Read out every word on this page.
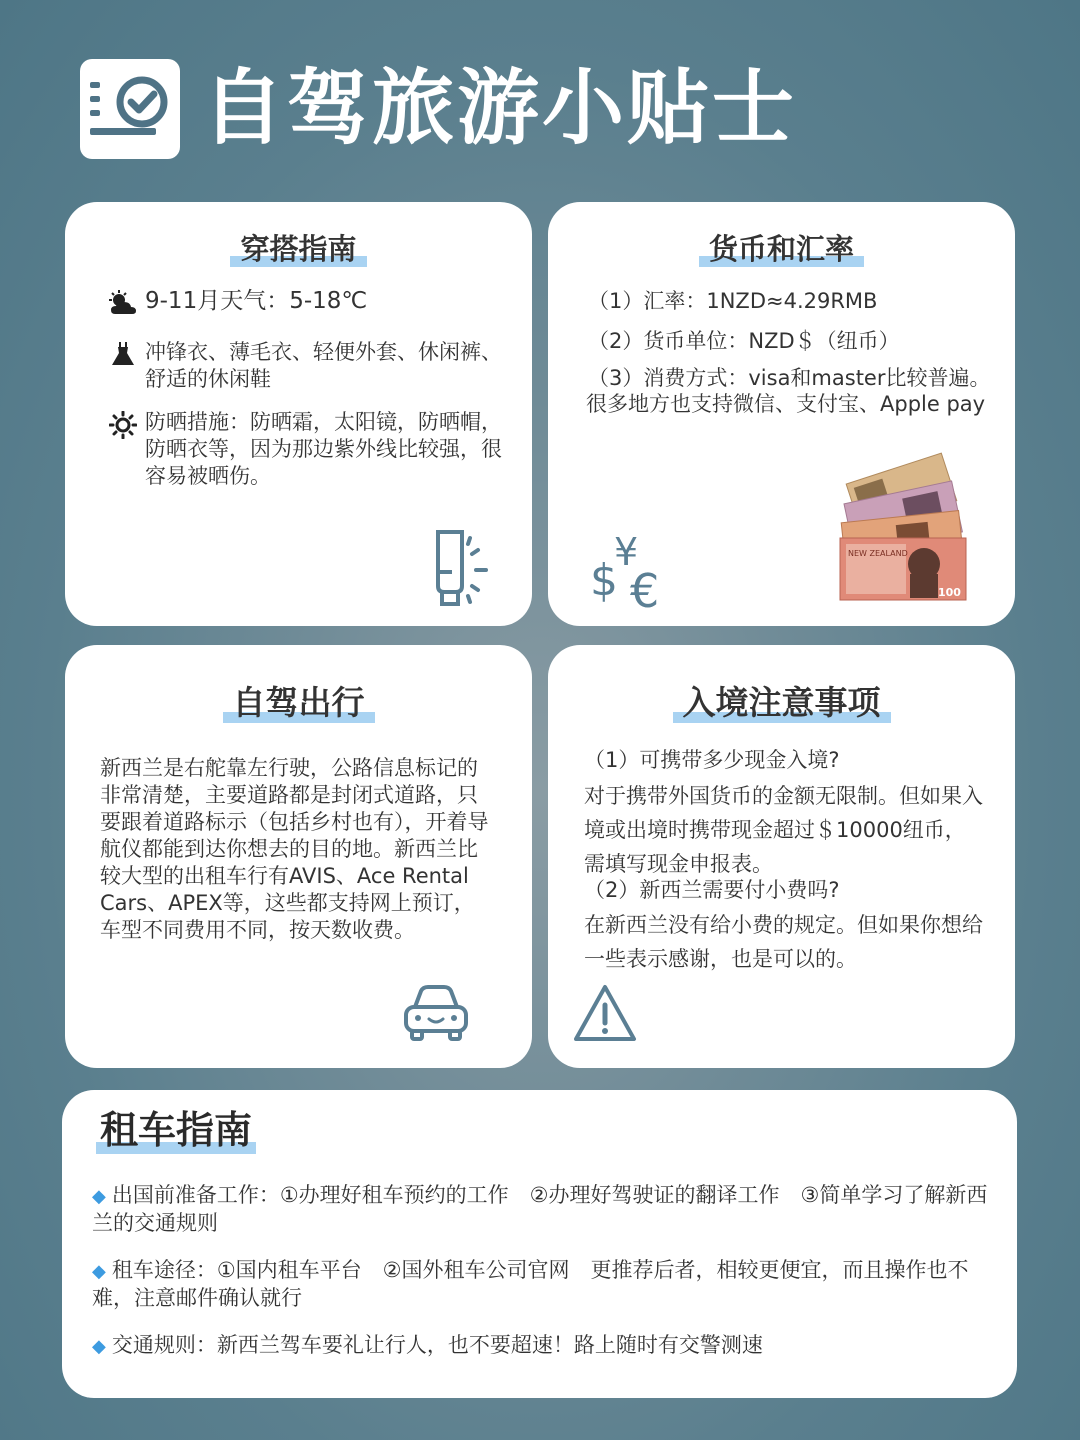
自驾旅游小贴士
穿搭指南
9-11月天气：5-18℃
冲锋衣、薄毛衣、轻便外套、休闲裤、舒适的休闲鞋
防晒措施：防晒霜，太阳镜，防晒帽，防晒衣等，因为那边紫外线比较强，很容易被晒伤。
货币和汇率
（1）汇率：1NZD≈4.29RMB
（2）货币单位：NZD＄（纽币）
（3）消费方式：visa和master比较普遍。
很多地方也支持微信、支付宝、Apple pay
$
¥
€
NEW ZEALAND
100
自驾出行
新西兰是右舵靠左行驶，公路信息标记的非常清楚，主要道路都是封闭式道路，只要跟着道路标示（包括乡村也有），开着导航仪都能到达你想去的目的地。新西兰比较大型的出租车行有AVIS、Ace Rental Cars、APEX等，这些都支持网上预订，车型不同费用不同，按天数收费。
入境注意事项
（1）可携带多少现金入境?
对于携带外国货币的金额无限制。但如果入境或出境时携带现金超过＄10000纽币，需填写现金申报表。
（2）新西兰需要付小费吗?
在新西兰没有给小费的规定。但如果你想给一些表示感谢，也是可以的。
租车指南
◆ 出国前准备工作：①办理好租车预约的工作　②办理好驾驶证的翻译工作　③简单学习了解新西兰的交通规则
◆ 租车途径：①国内租车平台　②国外租车公司官网　更推荐后者，相较更便宜，而且操作也不难，注意邮件确认就行
◆ 交通规则：新西兰驾车要礼让行人，也不要超速！路上随时有交警测速
